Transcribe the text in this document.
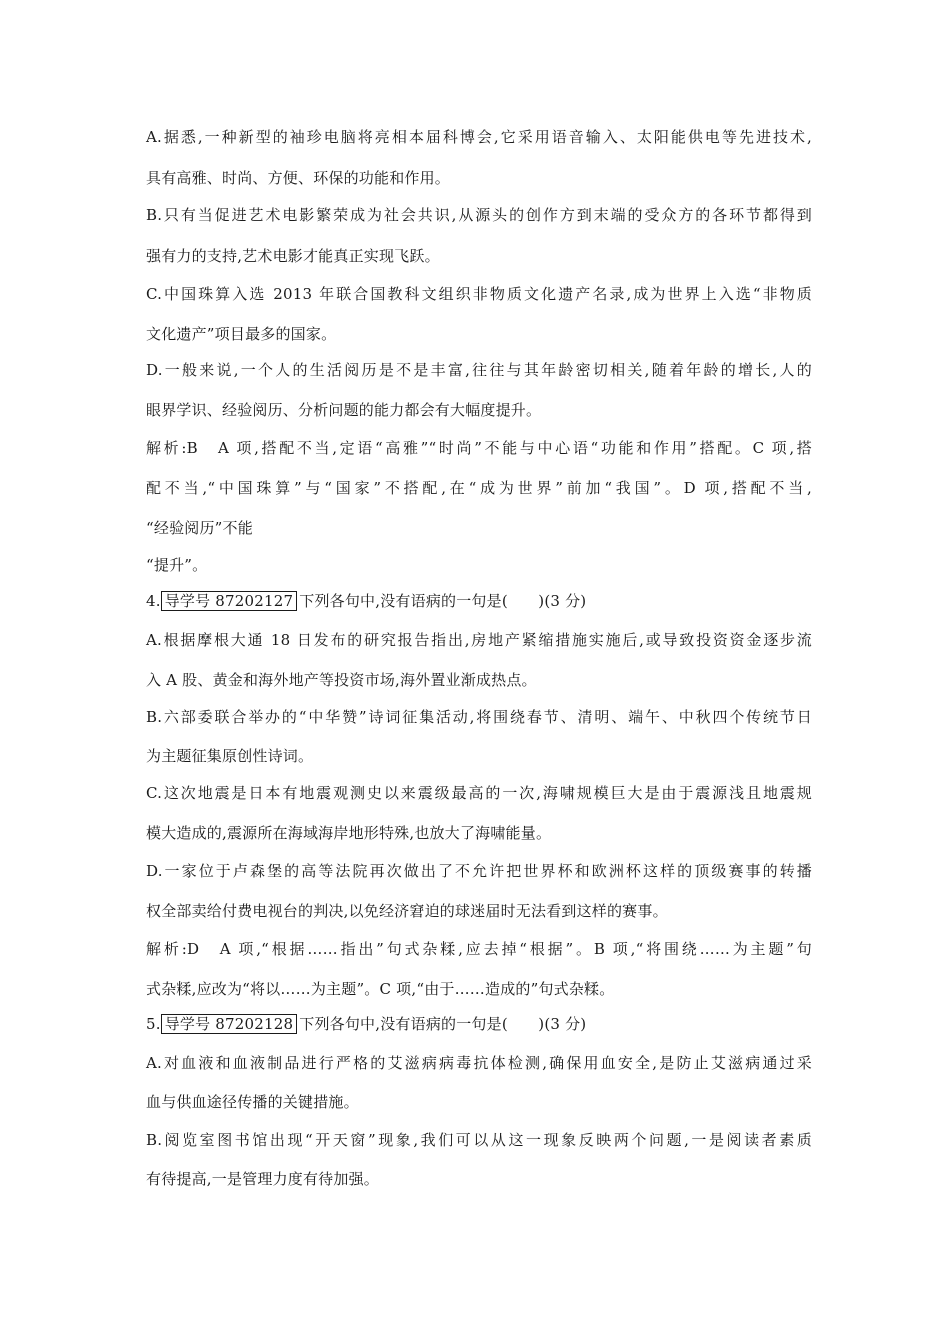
A.据悉,一种新型的袖珍电脑将亮相本届科博会,它采用语音输入、太阳能供电等先进技术,
具有高雅、时尚、方便、环保的功能和作用。
B.只有当促进艺术电影繁荣成为社会共识,从源头的创作方到末端的受众方的各环节都得到
强有力的支持,艺术电影才能真正实现飞跃。
C.中国珠算入选 2013 年联合国教科文组织非物质文化遗产名录,成为世界上入选“非物质
文化遗产”项目最多的国家。
D.一般来说,一个人的生活阅历是不是丰富,往往与其年龄密切相关,随着年龄的增长,人的
眼界学识、经验阅历、分析问题的能力都会有大幅度提升。
解析:B　A 项,搭配不当,定语“高雅”“时尚”不能与中心语“功能和作用”搭配。C 项,搭
配不当,“中国珠算”与“国家”不搭配,在“成为世界”前加“我国”。D 项,搭配不当,
“经验阅历”不能
“提升”。
4. 导学号 87202127 下列各句中,没有语病的一句是(　　)(3 分)
A.根据摩根大通 18 日发布的研究报告指出,房地产紧缩措施实施后,或导致投资资金逐步流
入 A 股、黄金和海外地产等投资市场,海外置业渐成热点。
B.六部委联合举办的“中华赞”诗词征集活动,将围绕春节、清明、端午、中秋四个传统节日
为主题征集原创性诗词。
C.这次地震是日本有地震观测史以来震级最高的一次,海啸规模巨大是由于震源浅且地震规
模大造成的,震源所在海域海岸地形特殊,也放大了海啸能量。
D.一家位于卢森堡的高等法院再次做出了不允许把世界杯和欧洲杯这样的顶级赛事的转播
权全部卖给付费电视台的判决,以免经济窘迫的球迷届时无法看到这样的赛事。
解析:D　A 项,“根据……指出”句式杂糅,应去掉“根据”。B 项,“将围绕……为主题”句
式杂糅,应改为“将以……为主题”。C 项,“由于……造成的”句式杂糅。
5. 导学号 87202128 下列各句中,没有语病的一句是(　　)(3 分)
A.对血液和血液制品进行严格的艾滋病病毒抗体检测,确保用血安全,是防止艾滋病通过采
血与供血途径传播的关键措施。
B.阅览室图书馆出现“开天窗”现象,我们可以从这一现象反映两个问题,一是阅读者素质
有待提高,一是管理力度有待加强。
